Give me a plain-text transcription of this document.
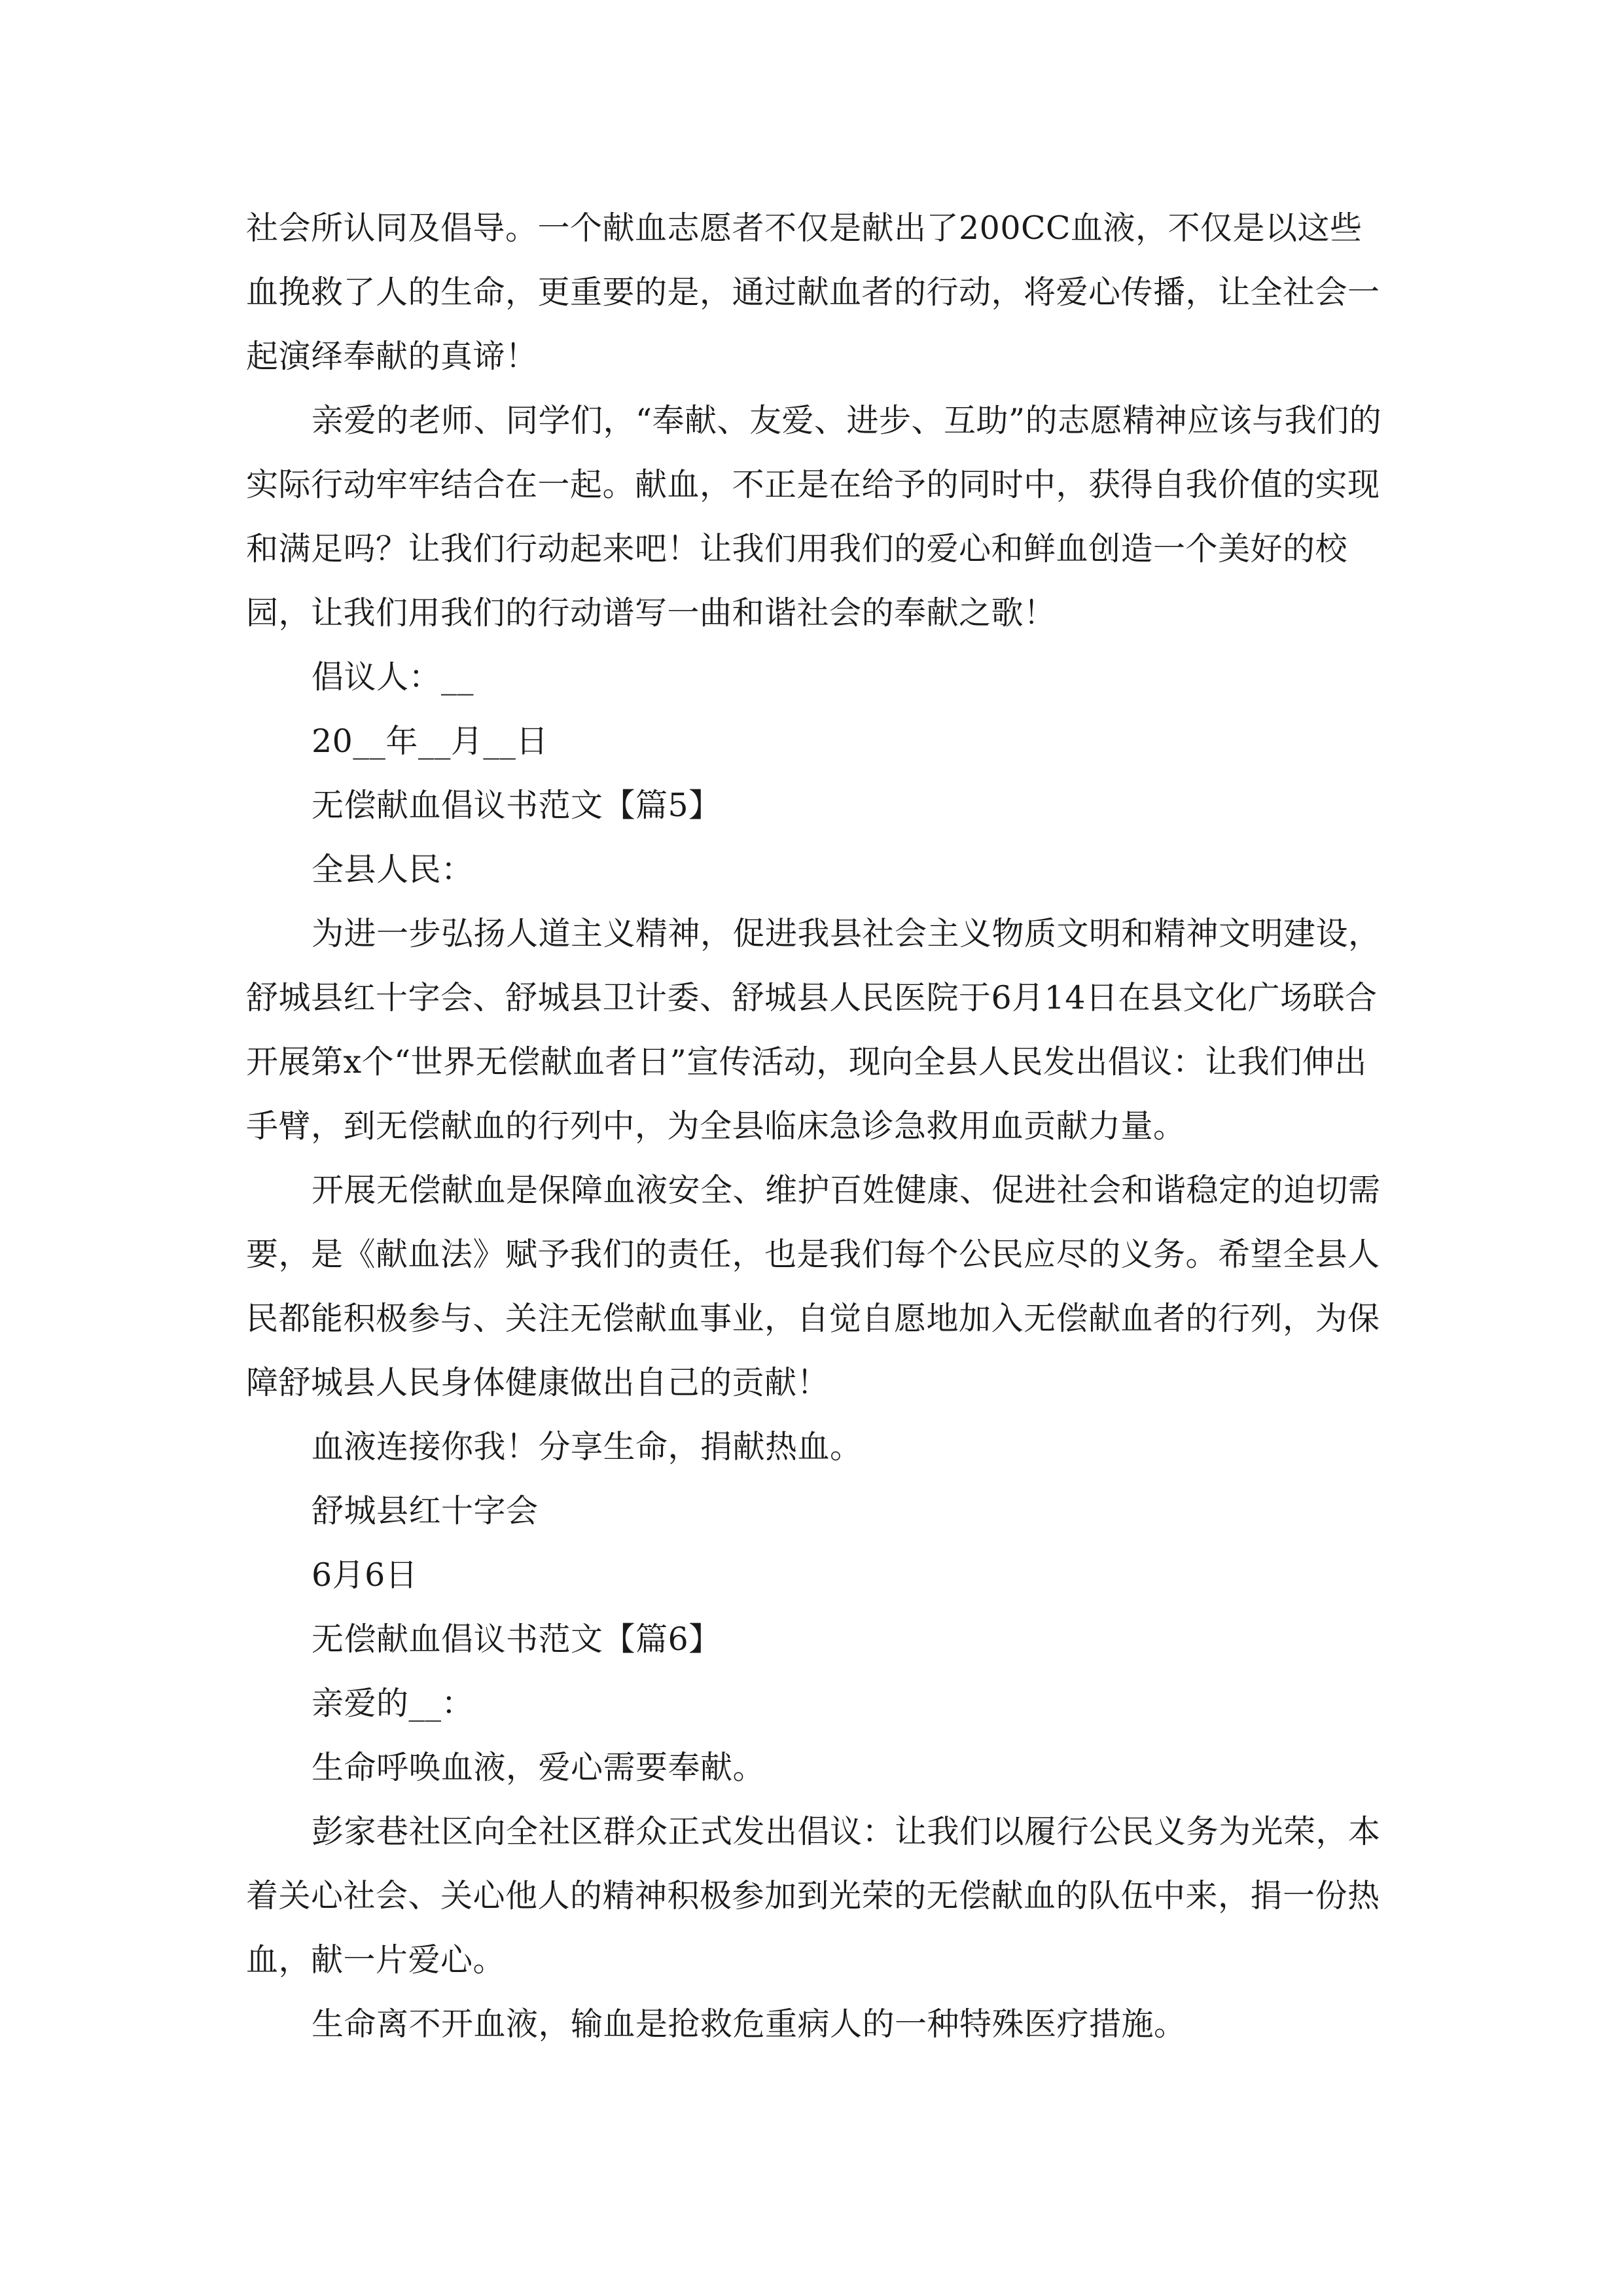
社会所认同及倡导。一个献血志愿者不仅是献出了200CC血液，不仅是以这些血挽救了人的生命，更重要的是，通过献血者的行动，将爱心传播，让全社会一起演绎奉献的真谛！

亲爱的老师、同学们，“奉献、友爱、进步、互助”的志愿精神应该与我们的实际行动牢牢结合在一起。献血，不正是在给予的同时中，获得自我价值的实现和满足吗？让我们行动起来吧！让我们用我们的爱心和鲜血创造一个美好的校园，让我们用我们的行动谱写一曲和谐社会的奉献之歌！

倡议人：__

20__年__月__日

无偿献血倡议书范文【篇5】

全县人民：

为进一步弘扬人道主义精神，促进我县社会主义物质文明和精神文明建设，舒城县红十字会、舒城县卫计委、舒城县人民医院于6月14日在县文化广场联合开展第x个“世界无偿献血者日”宣传活动，现向全县人民发出倡议：让我们伸出手臂，到无偿献血的行列中，为全县临床急诊急救用血贡献力量。

开展无偿献血是保障血液安全、维护百姓健康、促进社会和谐稳定的迫切需要，是《献血法》赋予我们的责任，也是我们每个公民应尽的义务。希望全县人民都能积极参与、关注无偿献血事业，自觉自愿地加入无偿献血者的行列，为保障舒城县人民身体健康做出自己的贡献！

血液连接你我！分享生命，捐献热血。

舒城县红十字会

6月6日

无偿献血倡议书范文【篇6】

亲爱的__：

生命呼唤血液，爱心需要奉献。

彭家巷社区向全社区群众正式发出倡议：让我们以履行公民义务为光荣，本着关心社会、关心他人的精神积极参加到光荣的无偿献血的队伍中来，捐一份热血，献一片爱心。

生命离不开血液，输血是抢救危重病人的一种特殊医疗措施。
